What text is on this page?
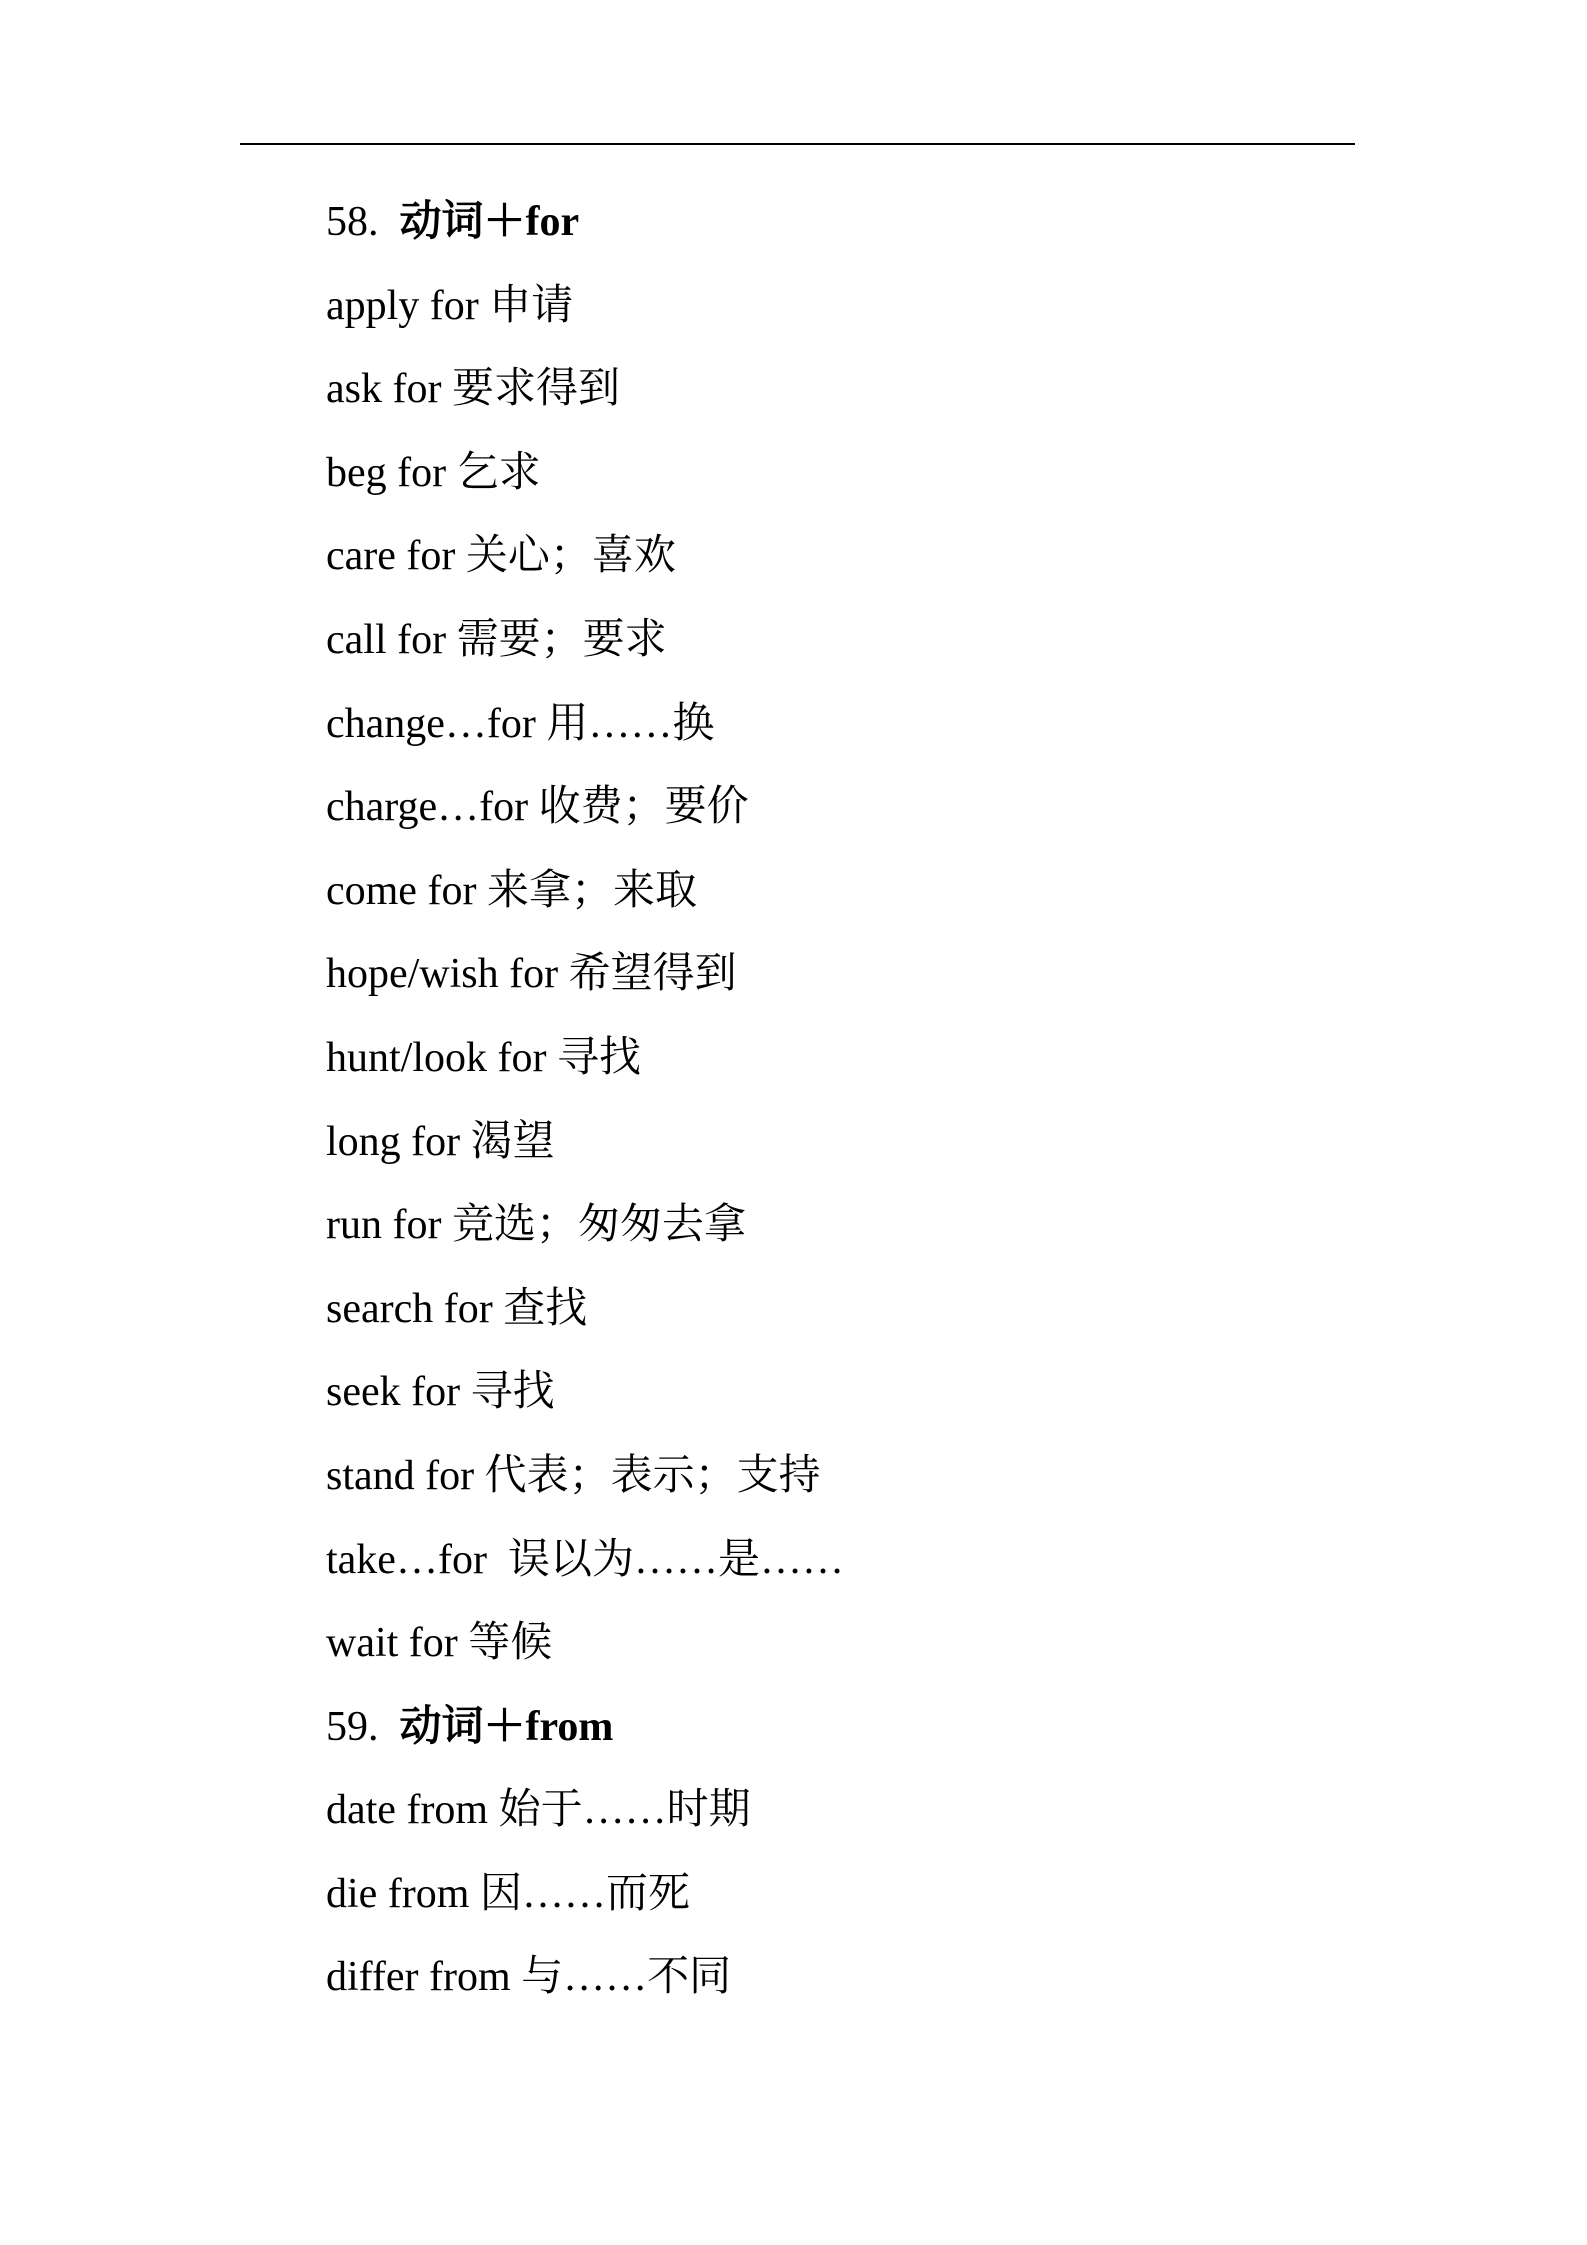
58. 动词＋for
apply for 申请
ask for 要求得到
beg for 乞求
care for 关心；喜欢
call for 需要；要求
change…for 用……换
charge…for 收费；要价
come for 来拿；来取
hope/wish for 希望得到
hunt/look for 寻找
long for 渴望
run for 竞选；匆匆去拿
search for 查找
seek for 寻找
stand for 代表；表示；支持
take…for  误以为……是……
wait for 等候
59. 动词＋from
date from 始于……时期
die from 因……而死
differ from 与……不同
